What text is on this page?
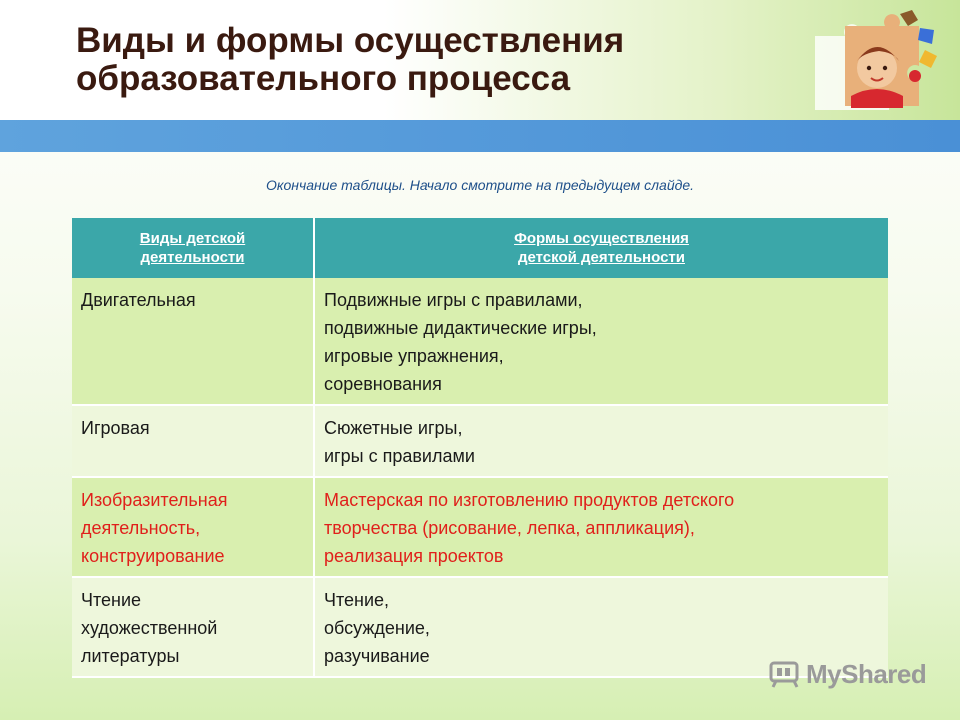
Виды и формы осуществления
образовательного процесса
Окончание таблицы. Начало смотрите на предыдущем слайде.
Виды детской
деятельности	Формы осуществления
детской деятельности

Двигательная	Подвижные игры с правилами,
подвижные дидактические игры,
игровые упражнения,
соревнования

Игровая	Сюжетные игры,
игры с правилами

Изобразительная
деятельность,
конструирование	Мастерская по изготовлению продуктов детского
творчества (рисование, лепка, аппликация),
реализация проектов

Чтение
художественной
литературы	Чтение,
обсуждение,
разучивание
MyShared
